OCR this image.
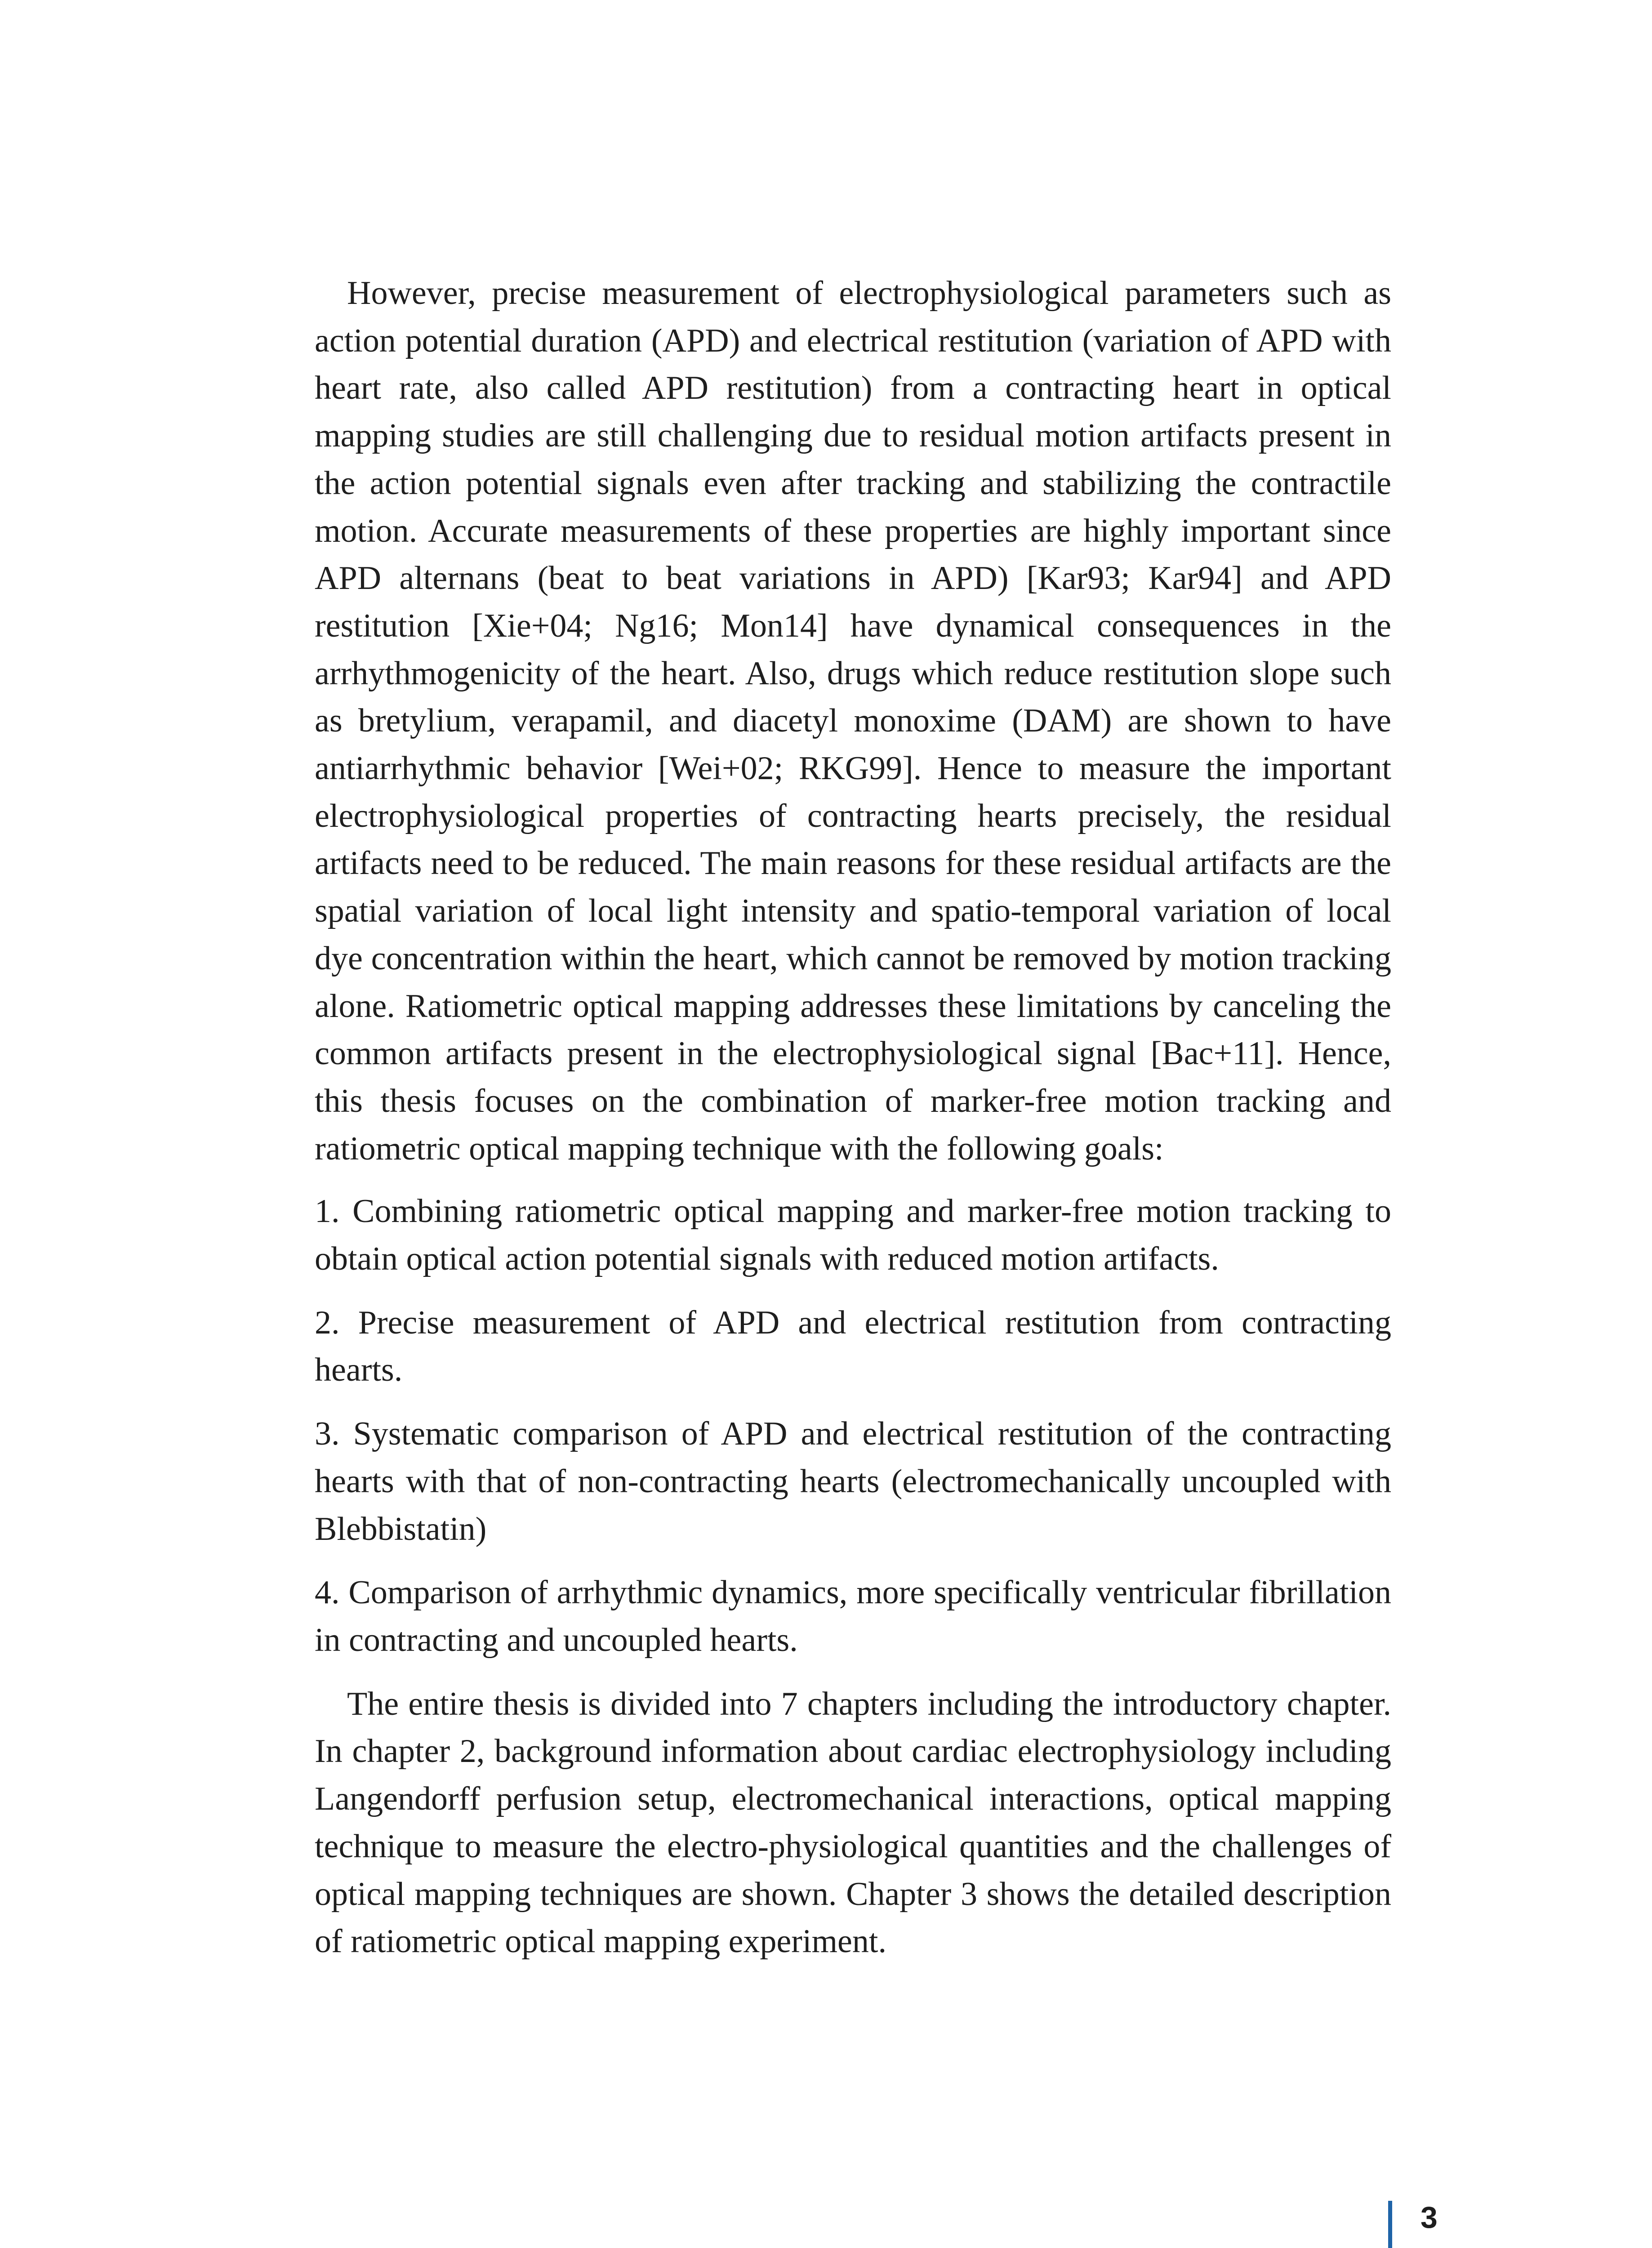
However, precise measurement of electrophysiological parameters such as action potential duration (APD) and electrical restitution (variation of APD with heart rate, also called APD restitution) from a contracting heart in optical mapping studies are still challenging due to residual motion artifacts present in the action potential signals even after tracking and stabilizing the contractile motion. Accurate measurements of these properties are highly important since APD alternans (beat to beat variations in APD) [Kar93; Kar94] and APD restitution [Xie+04; Ng16; Mon14] have dynamical consequences in the arrhythmogenicity of the heart. Also, drugs which reduce restitution slope such as bretylium, verapamil, and diacetyl monoxime (DAM) are shown to have antiarrhythmic behavior [Wei+02; RKG99]. Hence to measure the important electrophysiological properties of contracting hearts precisely, the residual artifacts need to be reduced. The main reasons for these residual artifacts are the spatial variation of local light intensity and spatio-temporal variation of local dye concentration within the heart, which cannot be removed by motion tracking alone. Ratiometric optical mapping addresses these limitations by canceling the common artifacts present in the electrophysiological signal [Bac+11]. Hence, this thesis focuses on the combination of marker-free motion tracking and ratiometric optical mapping technique with the following goals:

1. Combining ratiometric optical mapping and marker-free motion tracking to obtain optical action potential signals with reduced motion artifacts.
2. Precise measurement of APD and electrical restitution from contracting hearts.
3. Systematic comparison of APD and electrical restitution of the contracting hearts with that of non-contracting hearts (electromechanically uncoupled with Blebbistatin)
4. Comparison of arrhythmic dynamics, more specifically ventricular fibrillation in contracting and uncoupled hearts.

The entire thesis is divided into 7 chapters including the introductory chapter. In chapter 2, background information about cardiac electrophysiology including Langendorff perfusion setup, electromechanical interactions, optical mapping technique to measure the electro-physiological quantities and the challenges of optical mapping techniques are shown. Chapter 3 shows the detailed description of ratiometric optical mapping experiment.

3
